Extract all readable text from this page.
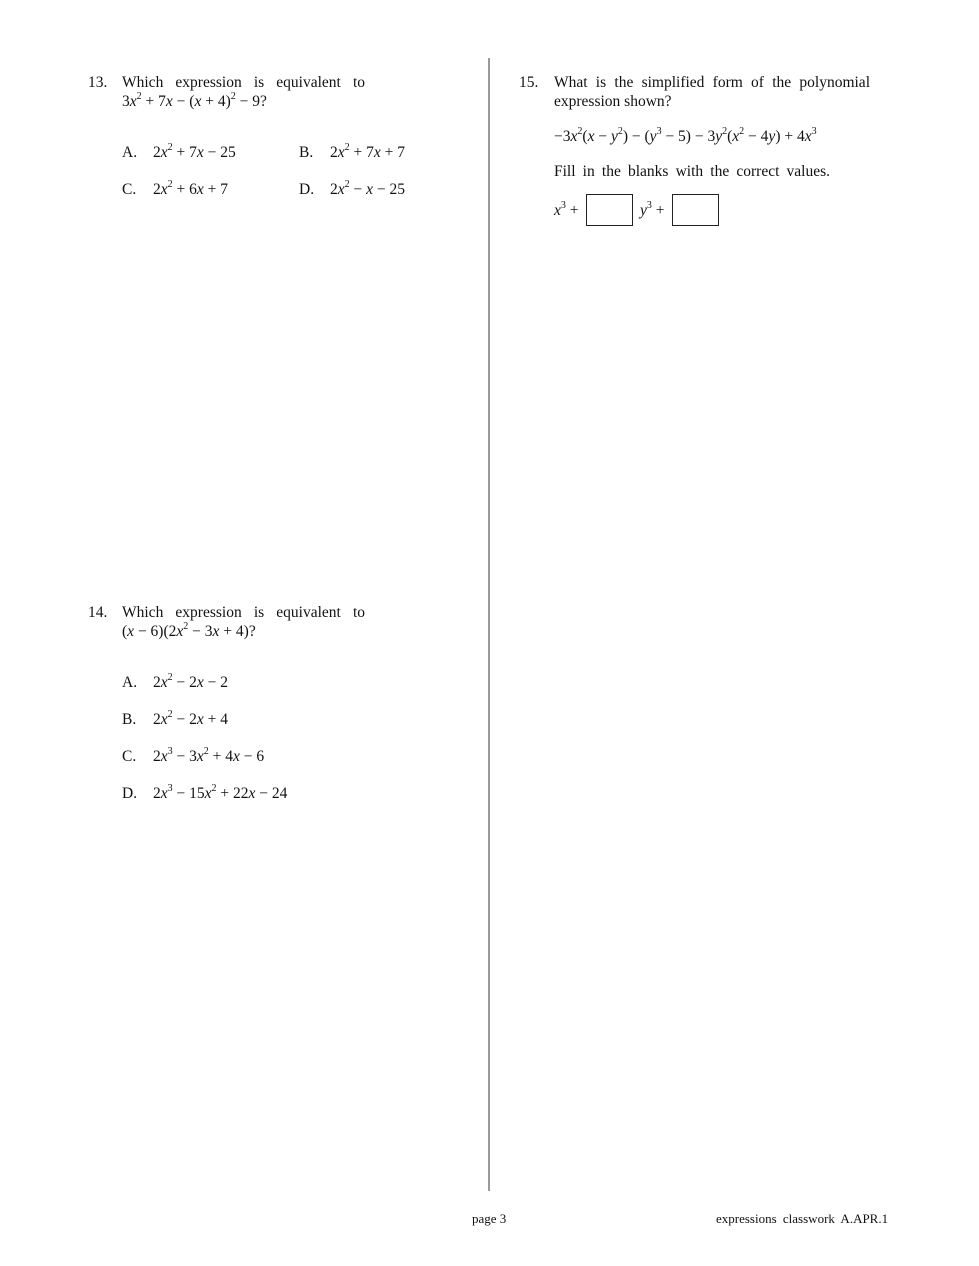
13. Which expression is equivalent to
$3x^2 + 7x - (x + 4)^2 - 9$?
A. $2x^2 + 7x - 25$	B. $2x^2 + 7x + 7$
C. $2x^2 + 6x + 7$	D. $2x^2 - x - 25$
14. Which expression is equivalent to
$(x - 6)(2x^2 - 3x + 4)$?
A. $2x^2 - 2x - 2$
B. $2x^2 - 2x + 4$
C. $2x^3 - 3x^2 + 4x - 6$
D. $2x^3 - 15x^2 + 22x - 24$
15. What is the simplified form of the polynomial
expression shown?
$-3x^2(x - y^2) - (y^3 - 5) - 3y^2(x^2 - 4y) + 4x^3$
Fill in the blanks with the correct values.
$x^3$ +	$y^3$ +
page 3	expressions classwork A.APR.1
